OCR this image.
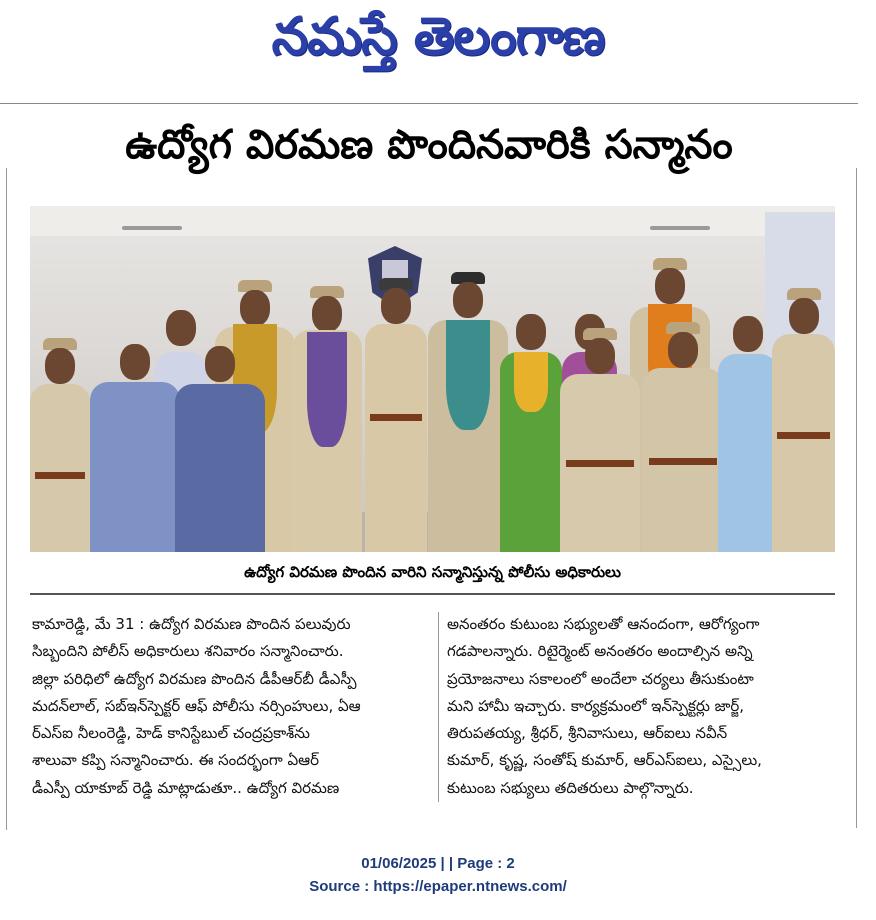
నమస్తే తెలంగాణ
ఉద్యోగ విరమణ పొందినవారికి సన్మానం
ఉద్యోగ విరమణ పొందిన వారిని సన్మానిస్తున్న పోలీసు అధికారులు
కామారెడ్డి, మే 31 : ఉద్యోగ విరమణ పొందిన పలువురు
సిబ్బందిని పోలీస్ అధికారులు శనివారం సన్మానించారు.
జిల్లా పరిధిలో ఉద్యోగ విరమణ పొందిన డీపీఆర్‌బీ డీఎస్పీ
మదన్‌లాల్, సబ్‌ఇన్‌స్పెక్టర్ ఆఫ్ పోలీసు నర్సింహులు, ఏఆ
ర్ఎస్ఐ నీలంరెడ్డి, హెడ్ కానిస్టేబుల్ చంద్రప్రకాశ్‌ను
శాలువా కప్పి సన్మానించారు. ఈ సందర్భంగా ఏఆర్
డీఎస్పీ యాకూబ్ రెడ్డి మాట్లాడుతూ.. ఉద్యోగ విరమణ
అనంతరం కుటుంబ సభ్యులతో ఆనందంగా, ఆరోగ్యంగా
గడపాలన్నారు. రిటైర్మెంట్ అనంతరం అందాల్సిన అన్ని
ప్రయోజనాలు సకాలంలో అందేలా చర్యలు తీసుకుంటా
మని హామీ ఇచ్చారు. కార్యక్రమంలో ఇన్‌స్పెక్టర్లు జార్జ్,
తిరుపతయ్య, శ్రీధర్, శ్రీనివాసులు, ఆర్ఐలు నవీన్
కుమార్, కృష్ణ, సంతోష్ కుమార్, ఆర్ఎస్ఐలు, ఎస్సైలు,
కుటుంబ సభ్యులు తదితరులు పాల్గొన్నారు.
01/06/2025 | | Page : 2
Source : https://epaper.ntnews.com/
